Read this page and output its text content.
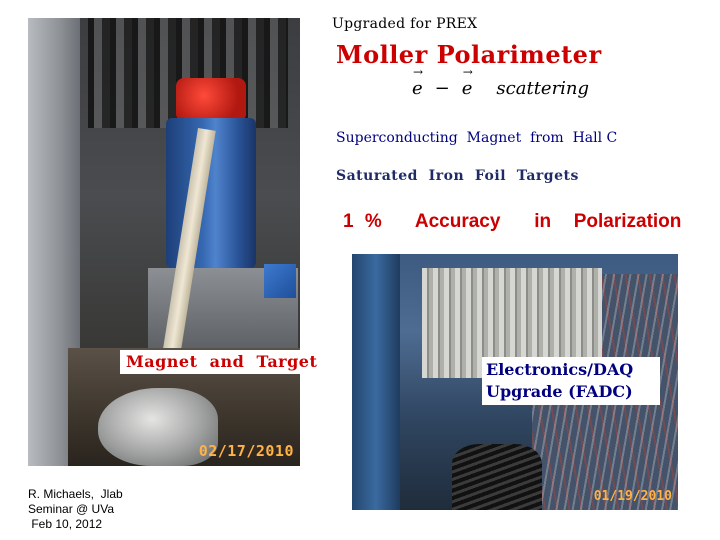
02/17/2010
01/19/2010
Upgraded for PREX
Moller Polarimeter
→ e −→ e scattering
Superconducting  Magnet  from  Hall C
Saturated  Iron  Foil  Targets
1 %   Accuracy   in  Polarization
Magnet  and  Target	Electronics/DAQ
Upgrade (FADC)
R. Michaels,  Jlab
Seminar @ UVa
Feb 10, 2012
